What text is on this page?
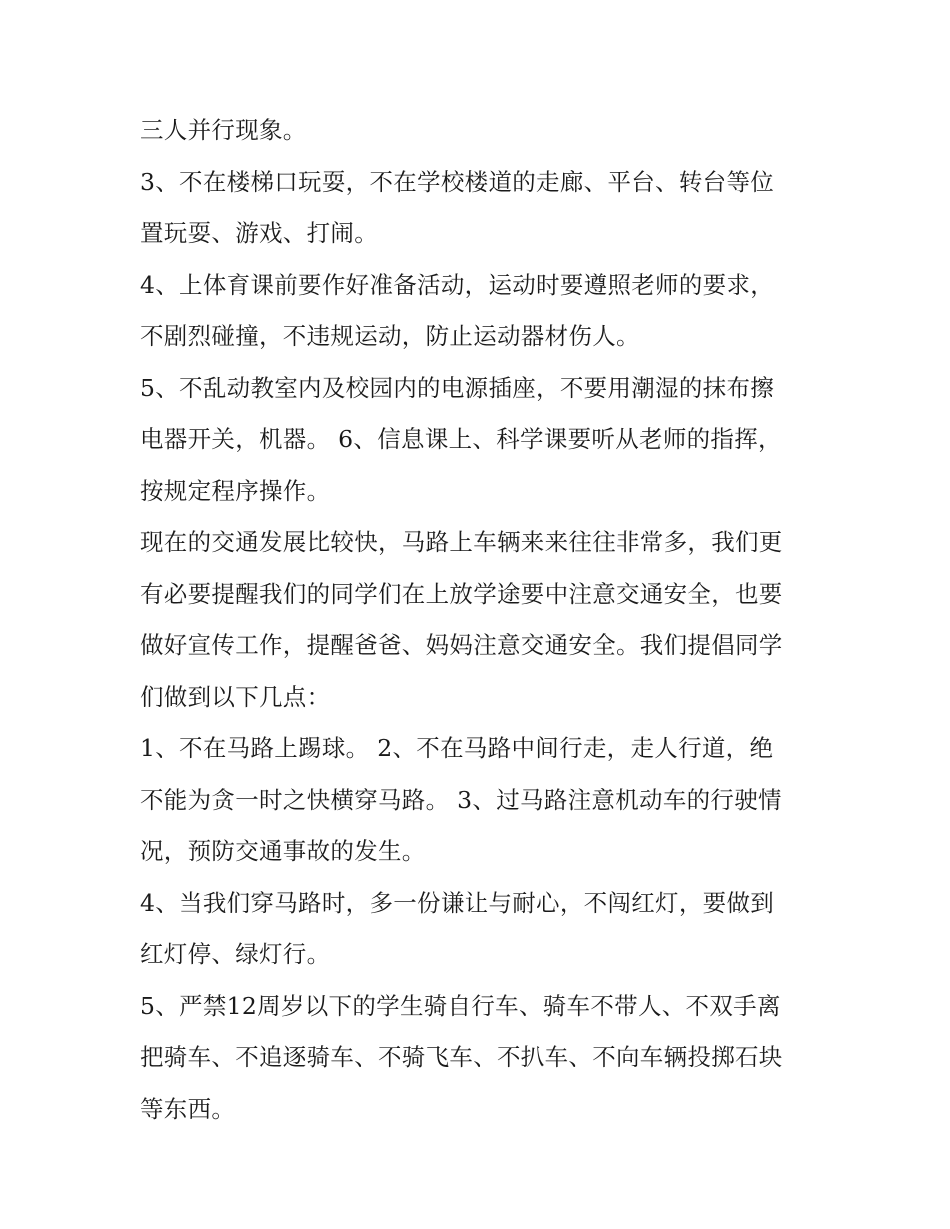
三人并行现象。
3、不在楼梯口玩耍，不在学校楼道的走廊、平台、转台等位
置玩耍、游戏、打闹。
4、上体育课前要作好准备活动，运动时要遵照老师的要求，
不剧烈碰撞，不违规运动，防止运动器材伤人。
5、不乱动教室内及校园内的电源插座，不要用潮湿的抹布擦
电器开关，机器。 6、信息课上、科学课要听从老师的指挥，
按规定程序操作。
现在的交通发展比较快，马路上车辆来来往往非常多，我们更
有必要提醒我们的同学们在上放学途要中注意交通安全，也要
做好宣传工作，提醒爸爸、妈妈注意交通安全。我们提倡同学
们做到以下几点：
1、不在马路上踢球。 2、不在马路中间行走，走人行道，绝
不能为贪一时之快横穿马路。 3、过马路注意机动车的行驶情
况，预防交通事故的发生。
4、当我们穿马路时，多一份谦让与耐心，不闯红灯，要做到
红灯停、绿灯行。
5、严禁12周岁以下的学生骑自行车、骑车不带人、不双手离
把骑车、不追逐骑车、不骑飞车、不扒车、不向车辆投掷石块
等东西。
